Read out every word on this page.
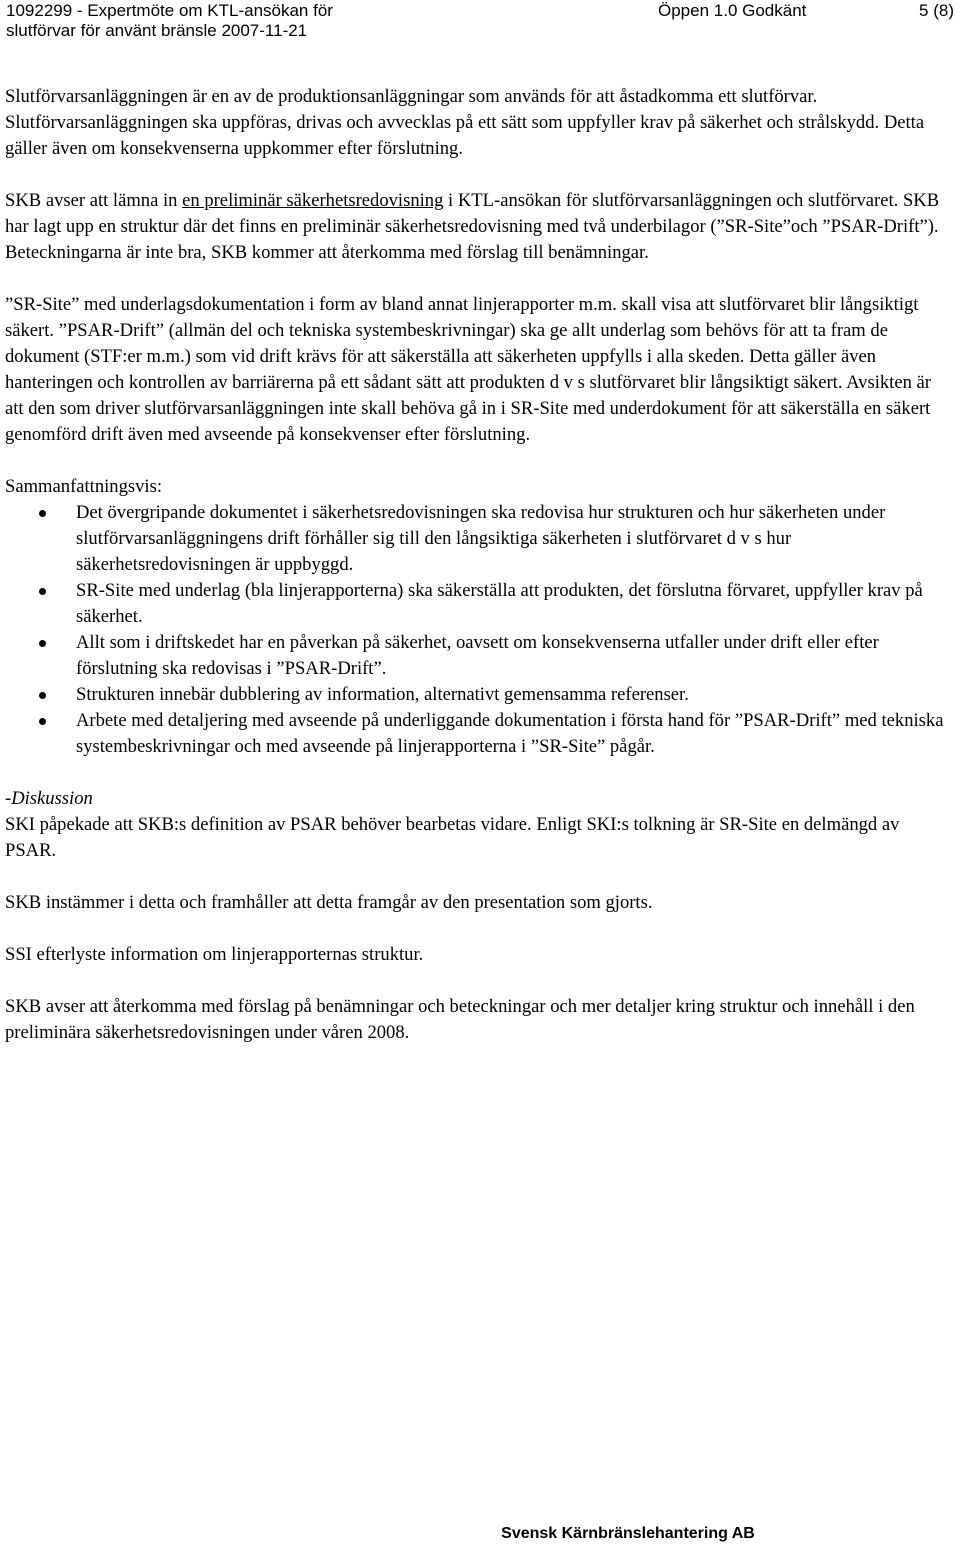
1092299 - Expertmöte om KTL-ansökan för
slutförvar för använt bränsle 2007-11-21
Öppen 1.0 Godkänt	5 (8)

Slutförvarsanläggningen är en av de produktionsanläggningar som används för att åstadkomma ett slutförvar. Slutförvarsanläggningen ska uppföras, drivas och avvecklas på ett sätt som uppfyller krav på säkerhet och strålskydd. Detta gäller även om konsekvenserna uppkommer efter förslutning.

SKB avser att lämna in en preliminär säkerhetsredovisning i KTL-ansökan för slutförvarsanläggningen och slutförvaret. SKB har lagt upp en struktur där det finns en preliminär säkerhetsredovisning med två underbilagor (”SR-Site”och ”PSAR-Drift”). Beteckningarna är inte bra, SKB kommer att återkomma med förslag till benämningar.

”SR-Site” med underlagsdokumentation i form av bland annat linjerapporter m.m. skall visa att slutförvaret blir långsiktigt säkert. ”PSAR-Drift” (allmän del och tekniska systembeskrivningar) ska ge allt underlag som behövs för att ta fram de dokument (STF:er m.m.) som vid drift krävs för att säkerställa att säkerheten uppfylls i alla skeden. Detta gäller även hanteringen och kontrollen av barriärerna på ett sådant sätt att produkten d v s slutförvaret blir långsiktigt säkert. Avsikten är att den som driver slutförvarsanläggningen inte skall behöva gå in i SR-Site med underdokument för att säkerställa en säkert genomförd drift även med avseende på konsekvenser efter förslutning.

Sammanfattningsvis:
Det övergripande dokumentet i säkerhetsredovisningen ska redovisa hur strukturen och hur säkerheten under slutförvarsanläggningens drift förhåller sig till den långsiktiga säkerheten i slutförvaret d v s hur säkerhetsredovisningen är uppbyggd.
SR-Site med underlag (bla linjerapporterna) ska säkerställa att produkten, det förslutna förvaret, uppfyller krav på säkerhet.
Allt som i driftskedet har en påverkan på säkerhet, oavsett om konsekvenserna utfaller under drift eller efter förslutning ska redovisas i ”PSAR-Drift”.
Strukturen innebär dubblering av information, alternativt gemensamma referenser.
Arbete med detaljering med avseende på underliggande dokumentation i första hand för ”PSAR-Drift” med tekniska systembeskrivningar och med avseende på linjerapporterna i ”SR-Site” pågår.
-Diskussion

SKI påpekade att SKB:s definition av PSAR behöver bearbetas vidare. Enligt SKI:s tolkning är SR-Site en delmängd av PSAR.

SKB instämmer i detta och framhåller att detta framgår av den presentation som gjorts.

SSI efterlyste information om linjerapporternas struktur.

SKB avser att återkomma med förslag på benämningar och beteckningar och mer detaljer kring struktur och innehåll i den preliminära säkerhetsredovisningen under våren 2008.

Svensk Kärnbränslehantering AB
